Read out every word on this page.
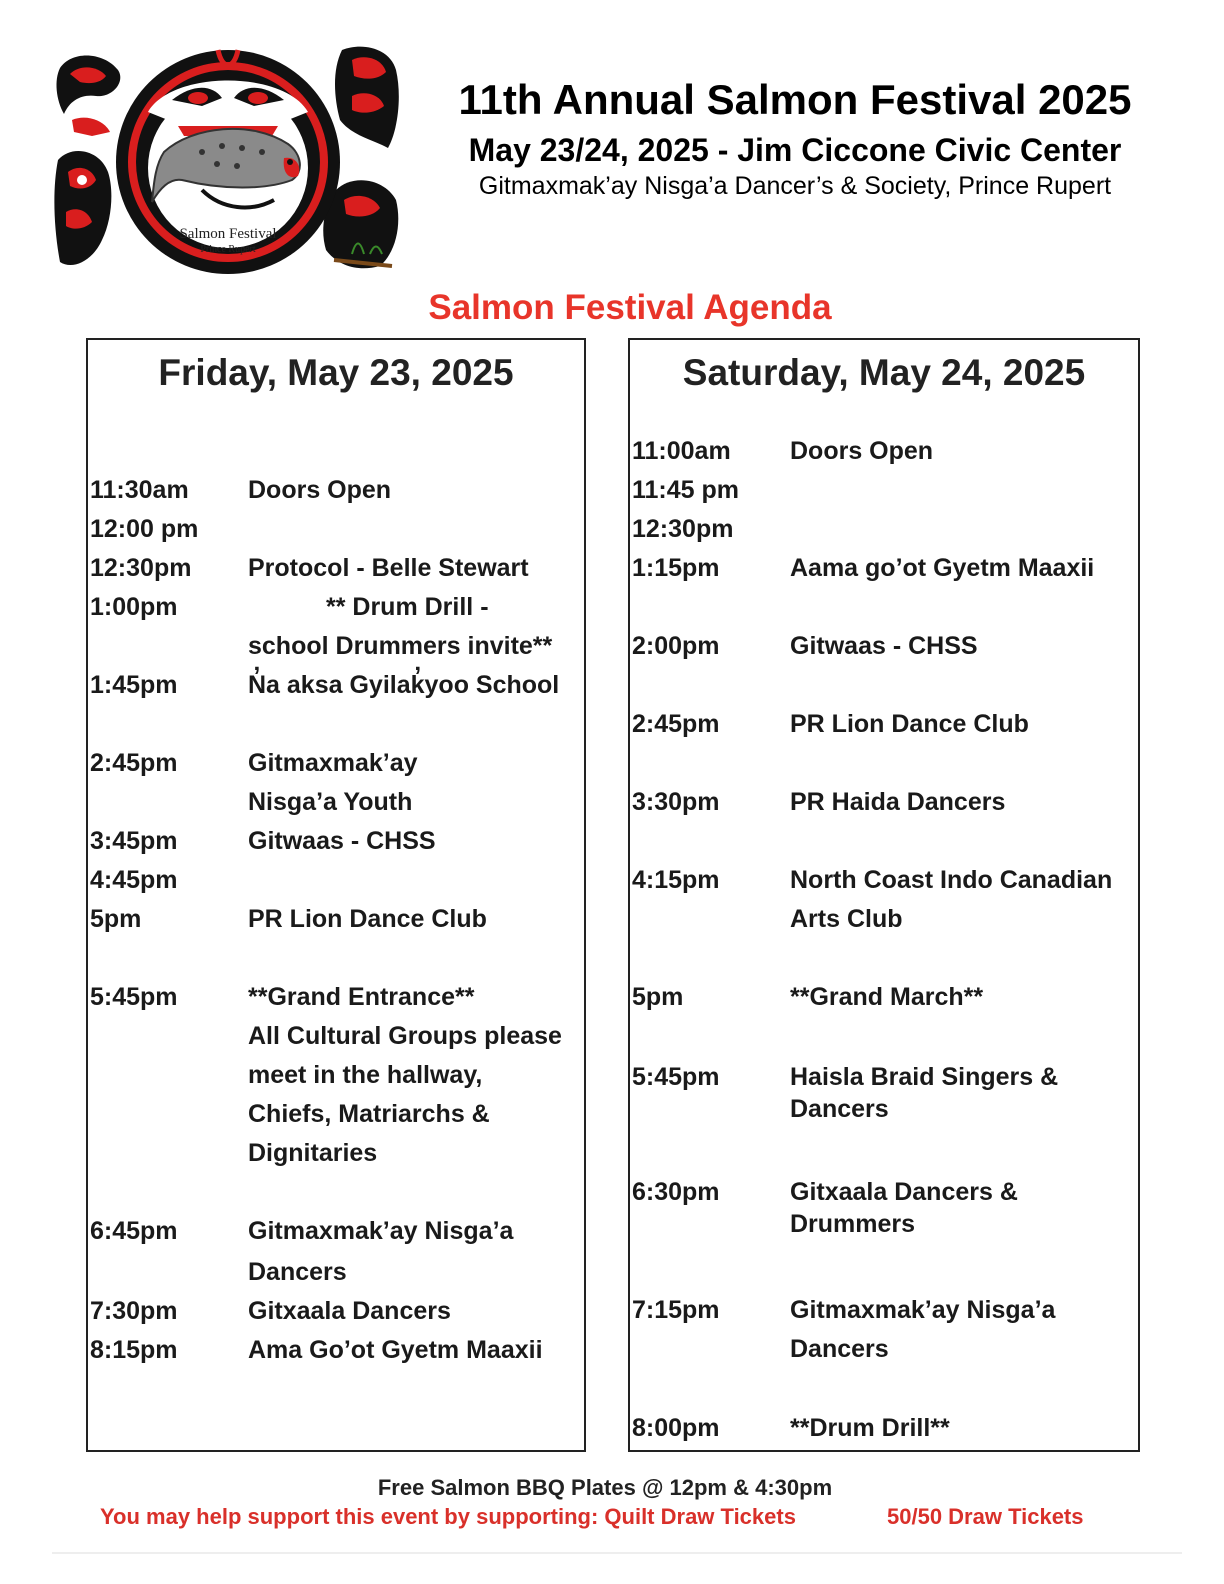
Salmon Festival
Prince Rupert
11th Annual Salmon Festival 2025
May 23/24, 2025 - Jim Ciccone Civic Center
Gitmaxmak’ay Nisga’a Dancer’s & Society, Prince Rupert
Salmon Festival Agenda
Friday, May 23, 2025
11:30am Doors Open
12:00 pm
12:30pm Protocol - Belle Stewart
1:00pm	** Drum Drill -
school Drummers invite**
1:45pm	N̓a aksa Gyilak̓yoo School
2:45pm	Gitmaxmak’ay
Nisga’a Youth
3:45pm	Gitwaas - CHSS
4:45pm
5pm	PR Lion Dance Club
5:45pm	**Grand Entrance**
All Cultural Groups please
meet in the hallway,
Chiefs, Matriarchs &
Dignitaries
6:45pm	Gitmaxmak’ay Nisga’a
Dancers
7:30pm	Gitxaala Dancers
8:15pm	Ama Go’ot Gyetm Maaxii
Saturday, May 24, 2025
11:00am Doors Open
11:45 pm
12:30pm
1:15pm	Aama go’ot Gyetm Maaxii
2:00pm	Gitwaas - CHSS
2:45pm	PR Lion Dance Club
3:30pm	PR Haida Dancers
4:15pm	North Coast Indo Canadian
Arts Club
5pm	**Grand March**
5:45pm	Haisla Braid Singers &
Dancers
6:30pm	Gitxaala Dancers &
Drummers
7:15pm	Gitmaxmak’ay Nisga’a
Dancers
8:00pm	**Drum Drill**
Free Salmon BBQ Plates @ 12pm & 4:30pm
You may help support this event by supporting: Quilt Draw Tickets	50/50 Draw Tickets
